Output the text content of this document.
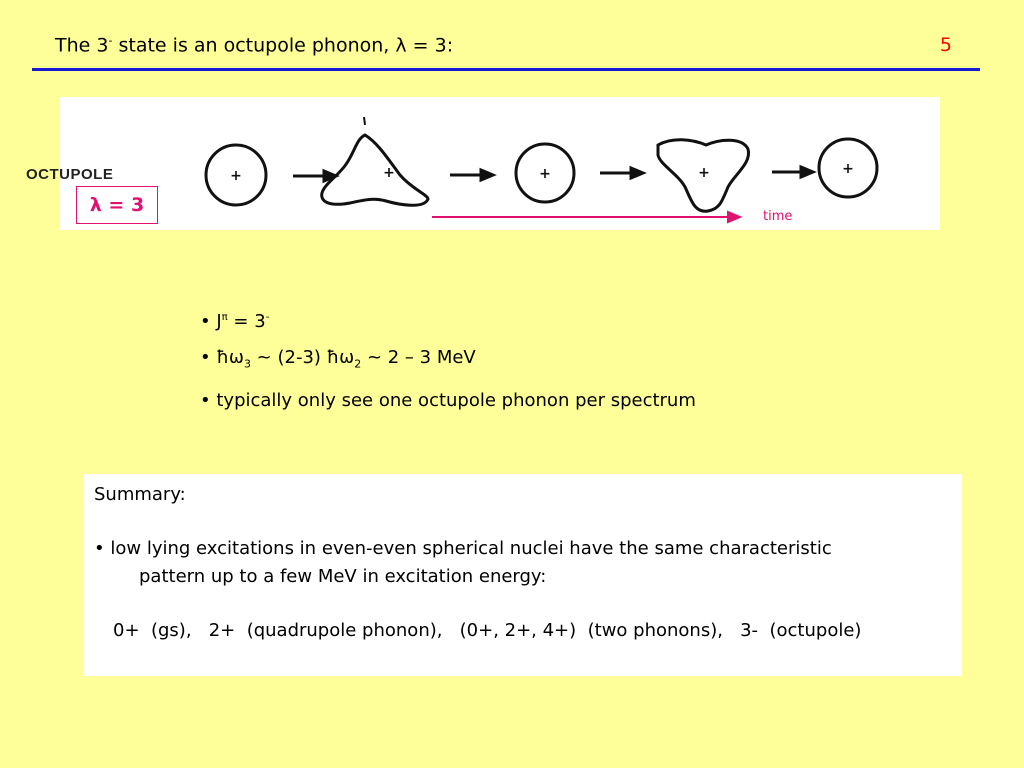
The 3- state is an octupole phonon, λ = 3:	5
+	+	+	+	+
OCTUPOLE
λ = 3
time
• $J^\pi = 3^-$
• $ħ\omega_3$ ~ (2-3) $ħ\omega_2$ ~ 2 – 3 MeV
• typically only see one octupole phonon per spectrum
Summary:
• low lying excitations in even-even spherical nuclei have the same characteristic
pattern up to a few MeV in excitation energy:
0+  (gs),   2+  (quadrupole phonon),   (0+, 2+, 4+)  (two phonons),   3-  (octupole)
